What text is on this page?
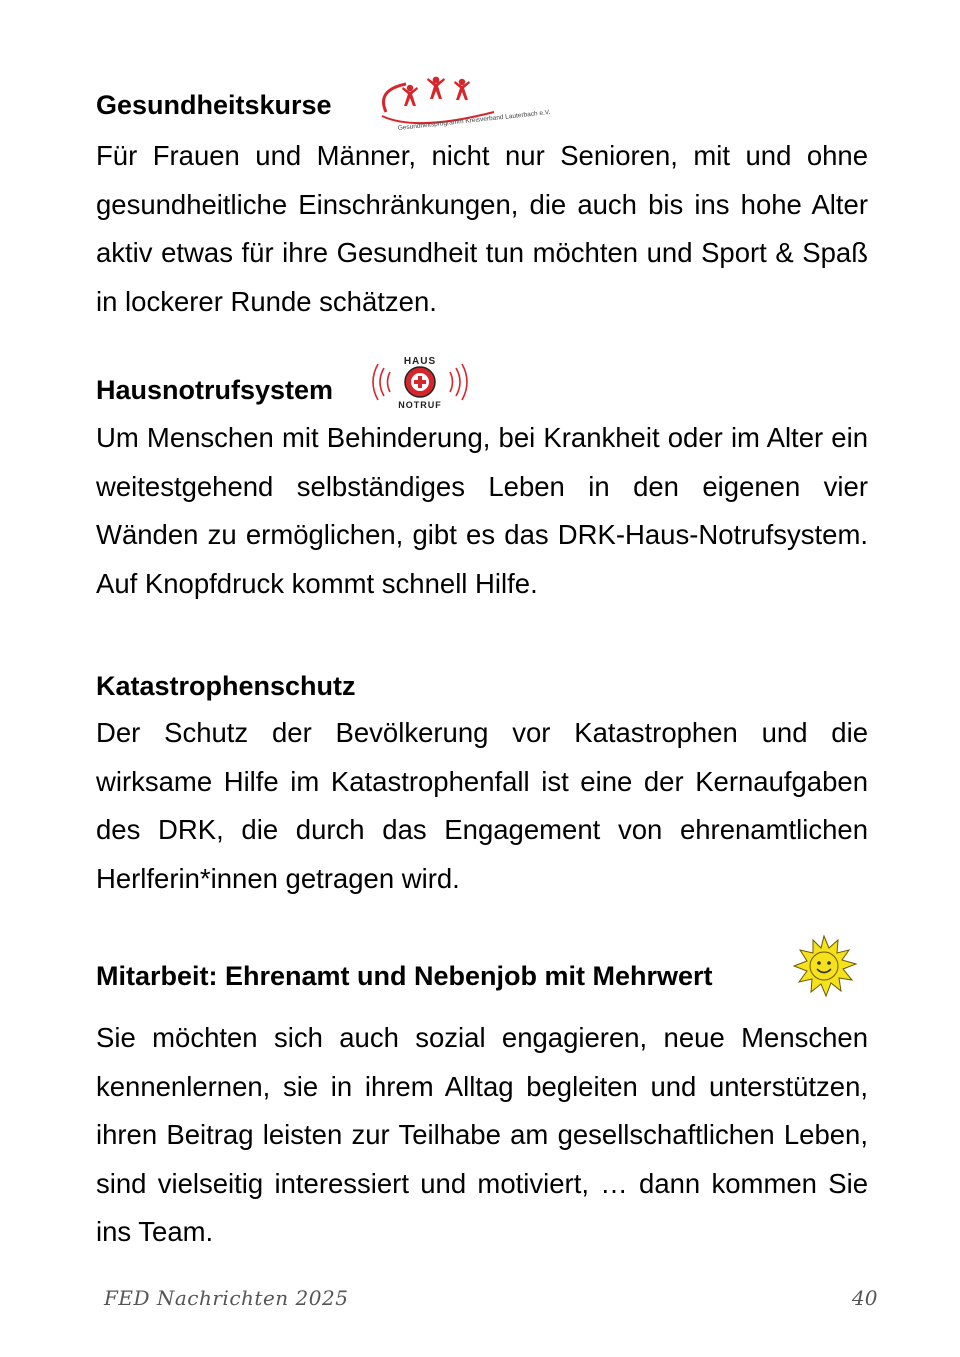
Gesundheitskurse
Gesundheitsprogramm Kreisverband Lauterbach e.V.

Für Frauen und Männer, nicht nur Senioren, mit und ohne gesundheitliche Einschränkungen, die auch bis ins hohe Alter aktiv etwas für ihre Gesundheit tun möchten und Sport & Spaß in lockerer Runde schätzen.

Hausnotrufsystem
HAUS
NOTRUF

Um Menschen mit Behinderung, bei Krankheit oder im Alter ein weitestgehend selbständiges Leben in den eigenen vier Wänden zu ermöglichen, gibt es das DRK-Haus-Notrufsystem. Auf Knopfdruck kommt schnell Hilfe.

Katastrophenschutz

Der Schutz der Bevölkerung vor Katastrophen und die wirksame Hilfe im Katastrophenfall ist eine der Kernaufgaben des DRK, die durch das Engagement von ehrenamtlichen Herlferin*innen getragen wird.

Mitarbeit: Ehrenamt und Nebenjob mit Mehrwert

Sie möchten sich auch sozial engagieren, neue Menschen kennenlernen, sie in ihrem Alltag begleiten und unterstützen, ihren Beitrag leisten zur Teilhabe am gesellschaftlichen Leben, sind vielseitig interessiert und motiviert, … dann kommen Sie ins Team.

FED Nachrichten 2025	40
